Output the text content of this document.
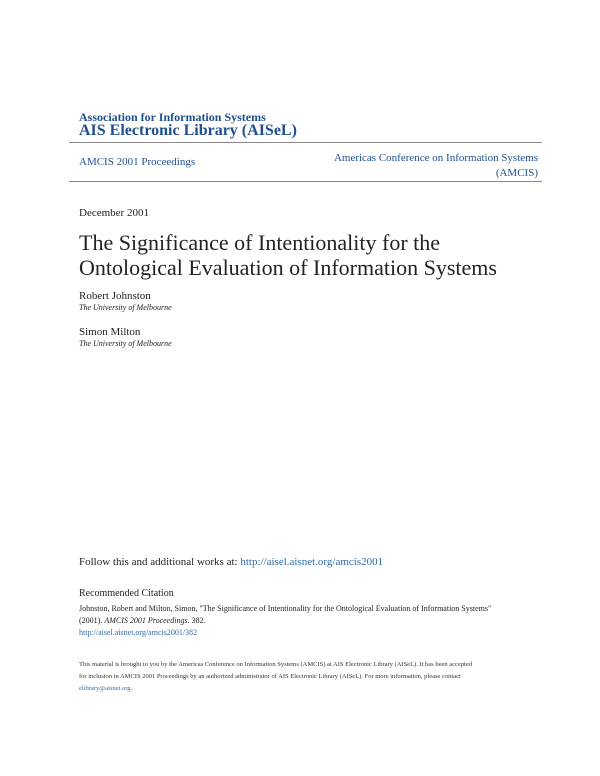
Association for Information Systems
AIS Electronic Library (AISeL)
AMCIS 2001 Proceedings	Americas Conference on Information Systems
(AMCIS)
December 2001
The Significance of Intentionality for the
Ontological Evaluation of Information Systems
Robert Johnston
The University of Melbourne
Simon Milton
The University of Melbourne
Follow this and additional works at: http://aisel.aisnet.org/amcis2001
Recommended Citation
Johnston, Robert and Milton, Simon, "The Significance of Intentionality for the Ontological Evaluation of Information Systems"
(2001). AMCIS 2001 Proceedings. 382.
http://aisel.aisnet.org/amcis2001/382
This material is brought to you by the Americas Conference on Information Systems (AMCIS) at AIS Electronic Library (AISeL). It has been accepted
for inclusion in AMCIS 2001 Proceedings by an authorized administrator of AIS Electronic Library (AISeL). For more information, please contact
elibrary@aisnet.org.
